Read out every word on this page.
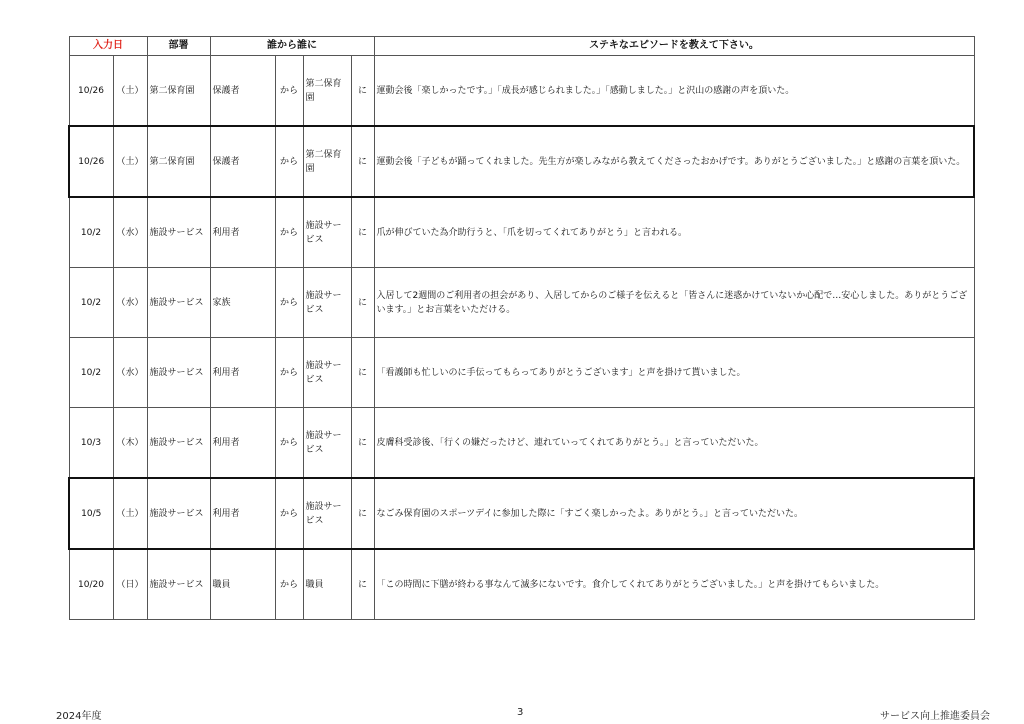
入力日		部署	誰から誰に				ステキなエピソードを教えて下さい。
10/26	（土）	第二保育園	保護者	から	第二保育園	に	運動会後「楽しかったです。」「成長が感じられました。」「感動しました。」と沢山の感謝の声を頂いた。
10/26	（土）	第二保育園	保護者	から	第二保育園	に	運動会後「子どもが踊ってくれました。先生方が楽しみながら教えてくださったおかげです。ありがとうございました。」と感謝の言葉を頂いた。
10/2	（水）	施設サービス	利用者	から	施設サービス	に	爪が伸びていた為介助行うと、「爪を切ってくれてありがとう」と言われる。
10/2	（水）	施設サービス	家族	から	施設サービス	に	入居して2週間のご利用者の担会があり、入居してからのご様子を伝えると「皆さんに迷惑かけていないか心配で…安心しました。ありがとうございます。」とお言葉をいただける。
10/2	（水）	施設サービス	利用者	から	施設サービス	に	「看護師も忙しいのに手伝ってもらってありがとうございます」と声を掛けて貰いました。
10/3	（木）	施設サービス	利用者	から	施設サービス	に	皮膚科受診後、「行くの嫌だったけど、連れていってくれてありがとう。」と言っていただいた。
10/5	（土）	施設サービス	利用者	から	施設サービス	に	なごみ保育園のスポーツデイに参加した際に「すごく楽しかったよ。ありがとう。」と言っていただいた。
10/20	（日）	施設サービス	職員	から	職員	に	「この時間に下膳が終わる事なんて滅多にないです。食介してくれてありがとうございました。」と声を掛けてもらいました。
2024年度	3	サービス向上推進委員会
